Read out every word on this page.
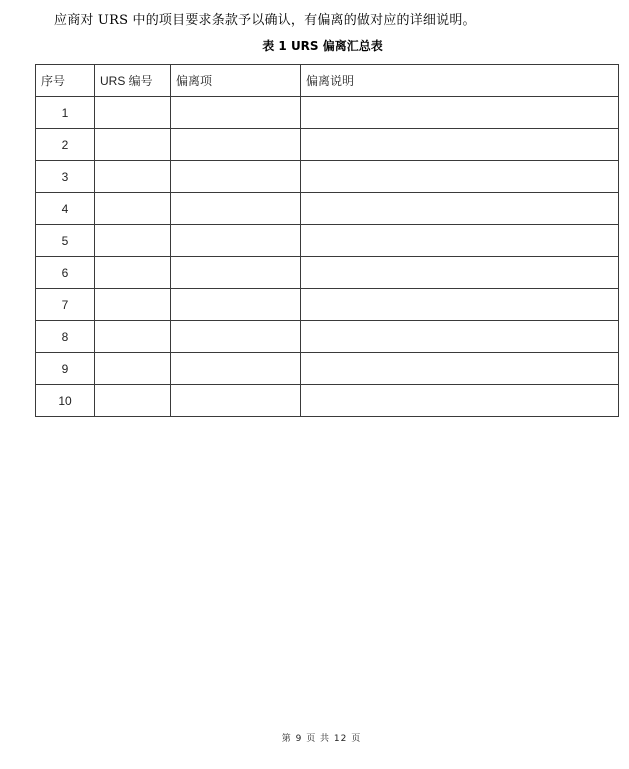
应商对 URS 中的项目要求条款予以确认，有偏离的做对应的详细说明。
表 1 URS 偏离汇总表
序号	URS 编号	偏离项	偏离说明
1			
2			
3			
4			
5			
6			
7			
8			
9			
10			
第 9 页 共 12 页
